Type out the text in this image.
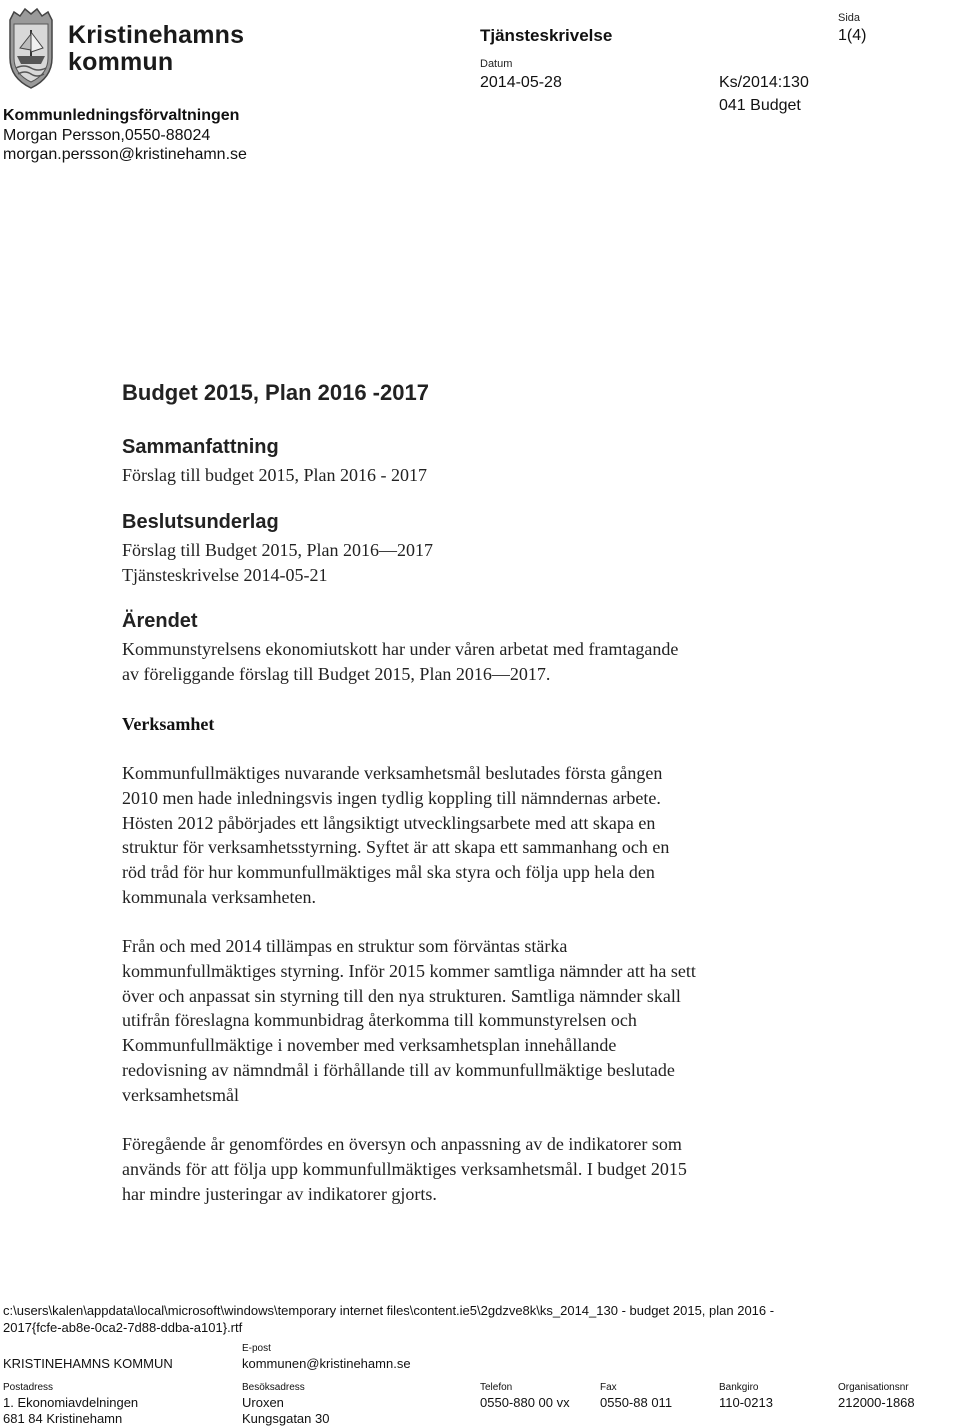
Kristinehamns
kommun
Kommunledningsförvaltningen
Morgan Persson,0550-88024
morgan.persson@kristinehamn.se
Tjänsteskrivelse
Datum
2014-05-28	Ks/2014:130
041 Budget
Sida
1(4)
Budget 2015, Plan 2016 -2017
Sammanfattning
Förslag till budget 2015, Plan 2016 - 2017
Beslutsunderlag
Förslag till Budget 2015, Plan 2016—2017
Tjänsteskrivelse 2014-05-21
Ärendet
Kommunstyrelsens ekonomiutskott har under våren arbetat med framtagande
av föreliggande förslag till Budget 2015, Plan 2016—2017.
Verksamhet
Kommunfullmäktiges nuvarande verksamhetsmål beslutades första gången
2010 men hade inledningsvis ingen tydlig koppling till nämndernas arbete.
Hösten 2012 påbörjades ett långsiktigt utvecklingsarbete med att skapa en
struktur för verksamhetsstyrning. Syftet är att skapa ett sammanhang och en
röd tråd för hur kommunfullmäktiges mål ska styra och följa upp hela den
kommunala verksamheten.
Från och med 2014 tillämpas en struktur som förväntas stärka
kommunfullmäktiges styrning. Inför 2015 kommer samtliga nämnder att ha sett
över och anpassat sin styrning till den nya strukturen. Samtliga nämnder skall
utifrån föreslagna kommunbidrag återkomma till kommunstyrelsen och
Kommunfullmäktige i november med verksamhetsplan innehållande
redovisning av nämndmål i förhållande till av kommunfullmäktige beslutade
verksamhetsmål
Föregående år genomfördes en översyn och anpassning av de indikatorer som
används för att följa upp kommunfullmäktiges verksamhetsmål. I budget 2015
har mindre justeringar av indikatorer gjorts.
c:\users\kalen\appdata\local\microsoft\windows\temporary internet files\content.ie5\2gdzve8k\ks_2014_130 - budget 2015, plan 2016 -
2017{fcfe-ab8e-0ca2-7d88-ddba-a101}.rtf
E-post
KRISTINEHAMNS KOMMUN	kommunen@kristinehamn.se
Postadress	Besöksadress	Telefon	Fax	Bankgiro	Organisationsnr
1. Ekonomiavdelningen	Uroxen	0550-880 00 vx 0550-88 011	110-0213	212000-1868
681 84 Kristinehamn	Kungsgatan 30
